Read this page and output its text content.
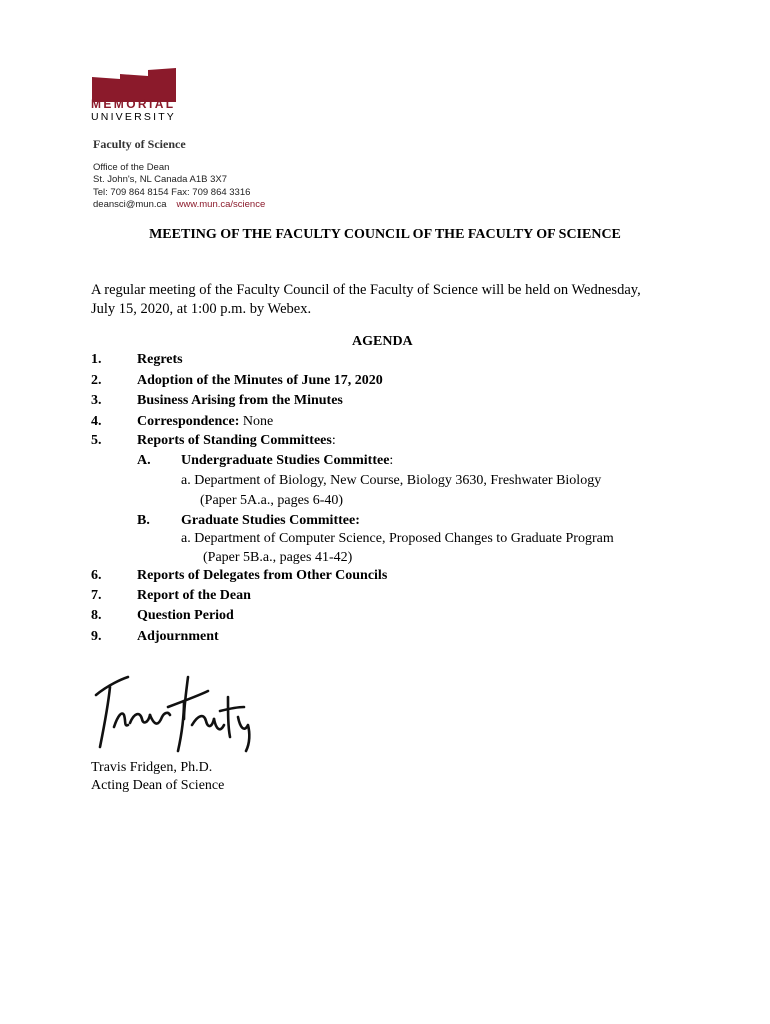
MEMORIAL
UNIVERSITY
Faculty of Science
Office of the Dean
St. John's, NL Canada A1B 3X7
Tel: 709 864 8154 Fax: 709 864 3316
deansci@mun.ca www.mun.ca/science
MEETING OF THE FACULTY COUNCIL OF THE FACULTY OF SCIENCE
A regular meeting of the Faculty Council of the Faculty of Science will be held on Wednesday,
July 15, 2020, at 1:00 p.m. by Webex.
AGENDA
1.	Regrets
2.	Adoption of the Minutes of June 17, 2020
3.	Business Arising from the Minutes
4.	Correspondence: None
5.	Reports of Standing Committees:
A. Undergraduate Studies Committee:
a. Department of Biology, New Course, Biology 3630, Freshwater Biology
(Paper 5A.a., pages 6-40)
B. Graduate Studies Committee:
a. Department of Computer Science, Proposed Changes to Graduate Program
(Paper 5B.a., pages 41-42)
6.	Reports of Delegates from Other Councils
7.	Report of the Dean
8.	Question Period
9.	Adjournment
Travis Fridgen, Ph.D.
Acting Dean of Science
